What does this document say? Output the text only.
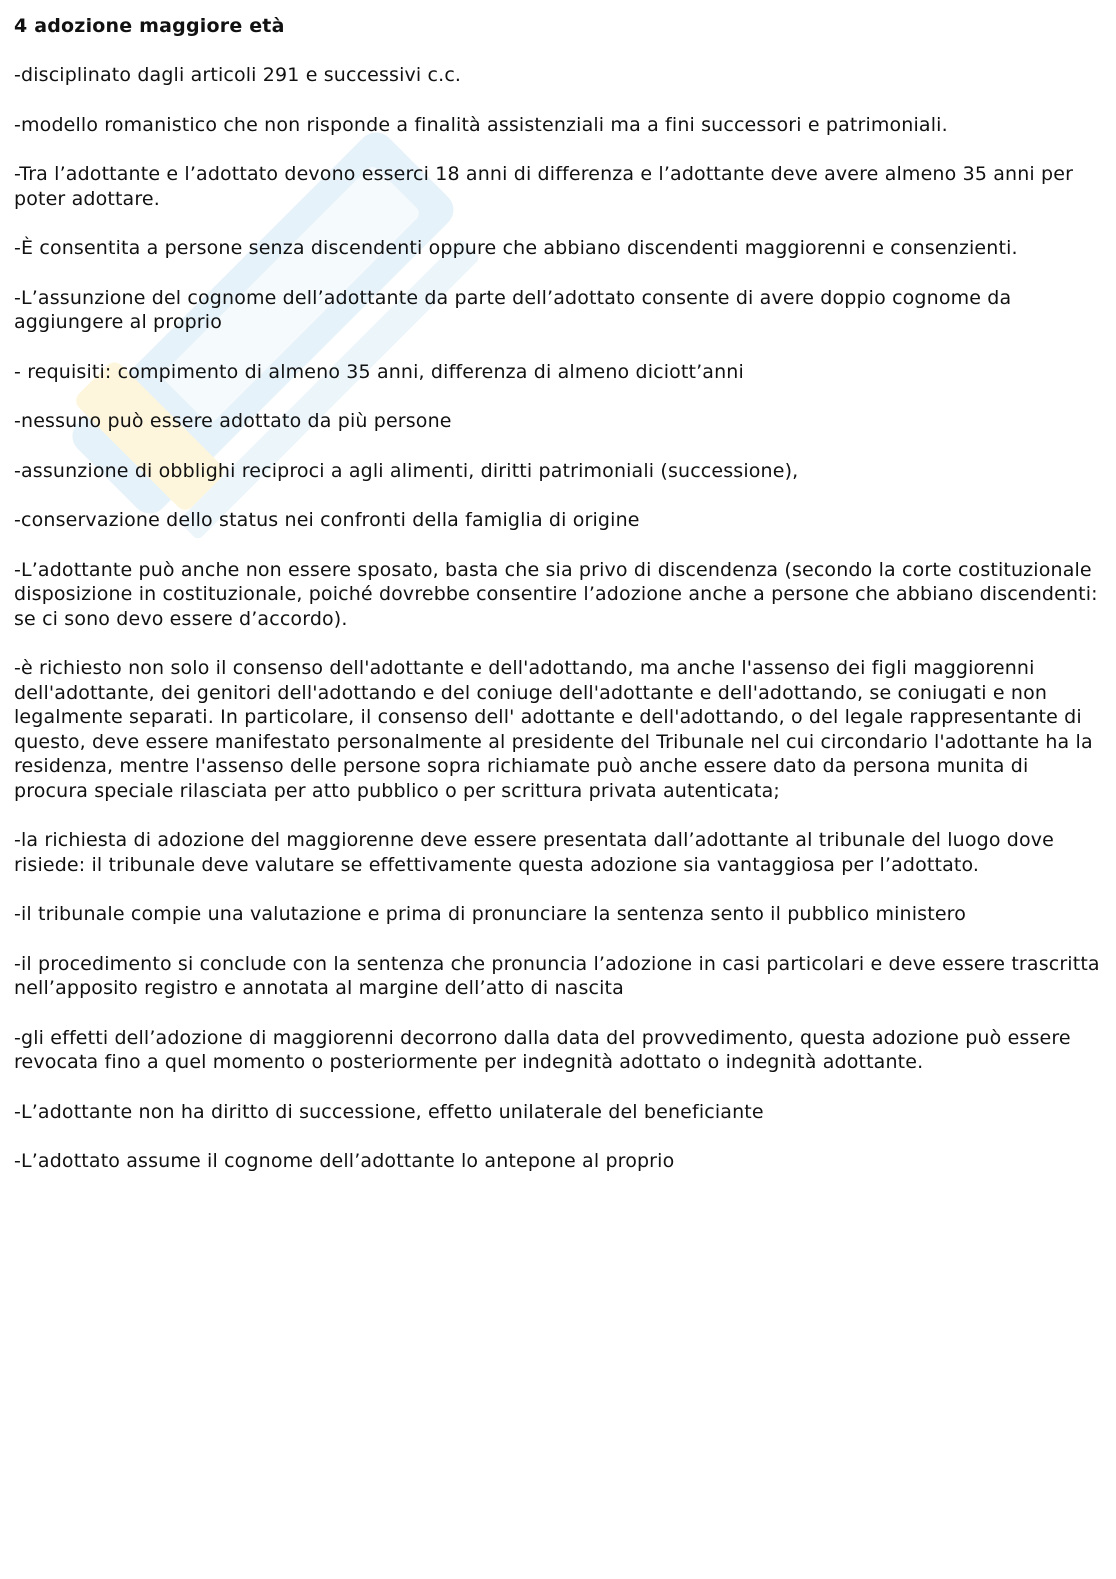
4 adozione maggiore età

-disciplinato dagli articoli 291 e successivi c.c.

-modello romanistico che non risponde a finalità assistenziali ma a fini successori e patrimoniali.

-Tra l’adottante e l’adottato devono esserci 18 anni di differenza e l’adottante deve avere almeno 35 anni per poter adottare.

-È consentita a persone senza discendenti oppure che abbiano discendenti maggiorenni e consenzienti.

-L’assunzione del cognome dell’adottante da parte dell’adottato consente di avere doppio cognome da aggiungere al proprio

- requisiti: compimento di almeno 35 anni, differenza di almeno diciott’anni

-nessuno può essere adottato da più persone

-assunzione di obblighi reciproci a agli alimenti, diritti patrimoniali (successione),

-conservazione dello status nei confronti della famiglia di origine

-L’adottante può anche non essere sposato, basta che sia privo di discendenza (secondo la corte costituzionale disposizione in costituzionale, poiché dovrebbe consentire l’adozione anche a persone che abbiano discendenti: se ci sono devo essere d’accordo).

-è richiesto non solo il consenso dell'adottante e dell'adottando, ma anche l'assenso dei figli maggiorenni dell'adottante, dei genitori dell'adottando e del coniuge dell'adottante e dell'adottando, se coniugati e non legalmente separati. In particolare, il consenso dell' adottante e dell'adottando, o del legale rappresentante di questo, deve essere manifestato personalmente al presidente del Tribunale nel cui circondario l'adottante ha la residenza, mentre l'assenso delle persone sopra richiamate può anche essere dato da persona munita di procura speciale rilasciata per atto pubblico o per scrittura privata autenticata;

-la richiesta di adozione del maggiorenne deve essere presentata dall’adottante al tribunale del luogo dove risiede: il tribunale deve valutare se effettivamente questa adozione sia vantaggiosa per l’adottato.

-il tribunale compie una valutazione e prima di pronunciare la sentenza sento il pubblico ministero

-il procedimento si conclude con la sentenza che pronuncia l’adozione in casi particolari e deve essere trascritta nell’apposito registro e annotata al margine dell’atto di nascita

-gli effetti dell’adozione di maggiorenni decorrono dalla data del provvedimento, questa adozione può essere revocata fino a quel momento o posteriormente per indegnità adottato o indegnità adottante.

-L’adottante non ha diritto di successione, effetto unilaterale del beneficiante

-L’adottato assume il cognome dell’adottante lo antepone al proprio
